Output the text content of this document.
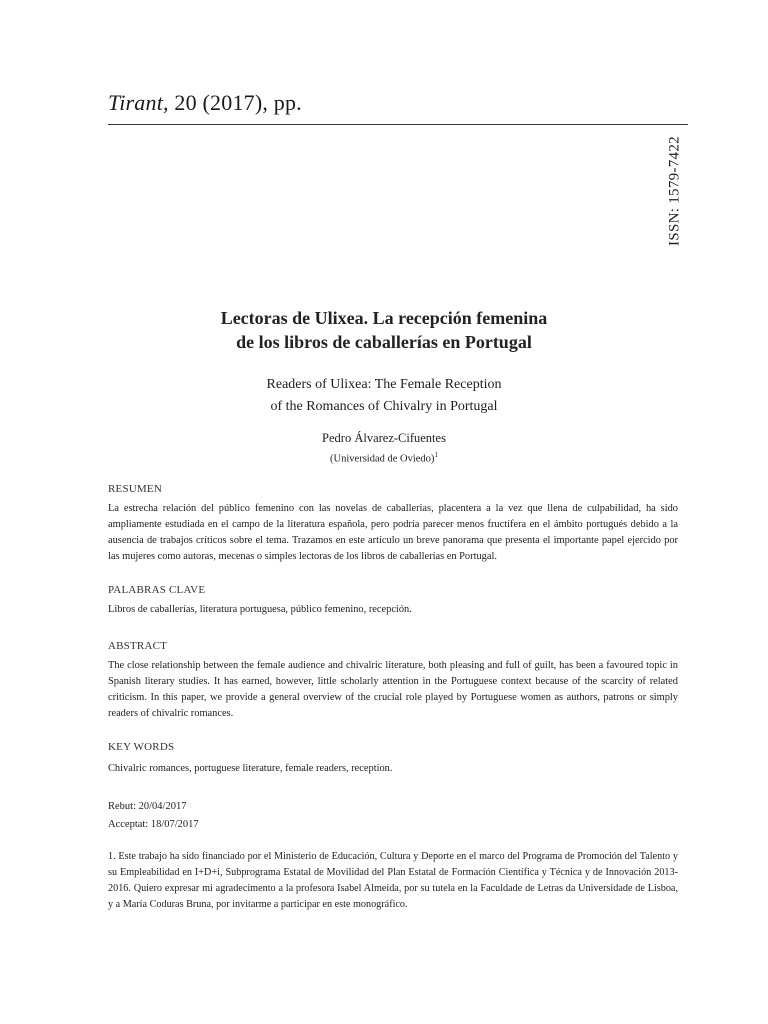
Tirant, 20 (2017), pp.
ISSN: 1579-7422
Lectoras de Ulixea. La recepción femenina
de los libros de caballerías en Portugal
Readers of Ulixea: The Female Reception
of the Romances of Chivalry in Portugal
Pedro Álvarez-Cifuentes
(Universidad de Oviedo)$^1$
RESUMEN
La estrecha relación del público femenino con las novelas de caballerías, placentera a la vez que llena de culpabilidad, ha sido ampliamente estudiada en el campo de la literatura española, pero podría parecer menos fructífera en el ámbito portugués debido a la ausencia de trabajos críticos sobre el tema. Trazamos en este artículo un breve panorama que presenta el importante papel ejercido por las mujeres como autoras, mecenas o simples lectoras de los libros de caballerías en Portugal.
PALABRAS CLAVE
Libros de caballerías, literatura portuguesa, público femenino, recepción.
ABSTRACT
The close relationship between the female audience and chivalric literature, both pleasing and full of guilt, has been a favoured topic in Spanish literary studies. It has earned, however, little scholarly attention in the Portuguese context because of the scarcity of related criticism. In this paper, we provide a general overview of the crucial role played by Portuguese women as authors, patrons or simply readers of chivalric romances.
KEY WORDS
Chivalric romances, portuguese literature, female readers, reception.
Rebut: 20/04/2017
Acceptat: 18/07/2017
1. Este trabajo ha sido financiado por el Ministerio de Educación, Cultura y Deporte en el marco del Programa de Promoción del Talento y su Empleabilidad en I+D+i, Subprograma Estatal de Movilidad del Plan Estatal de Formación Científica y Técnica y de Innovación 2013-2016. Quiero expresar mi agradecimento a la profesora Isabel Almeida, por su tutela en la Faculdade de Letras da Universidade de Lisboa, y a María Coduras Bruna, por invitarme a participar en este monográfico.
